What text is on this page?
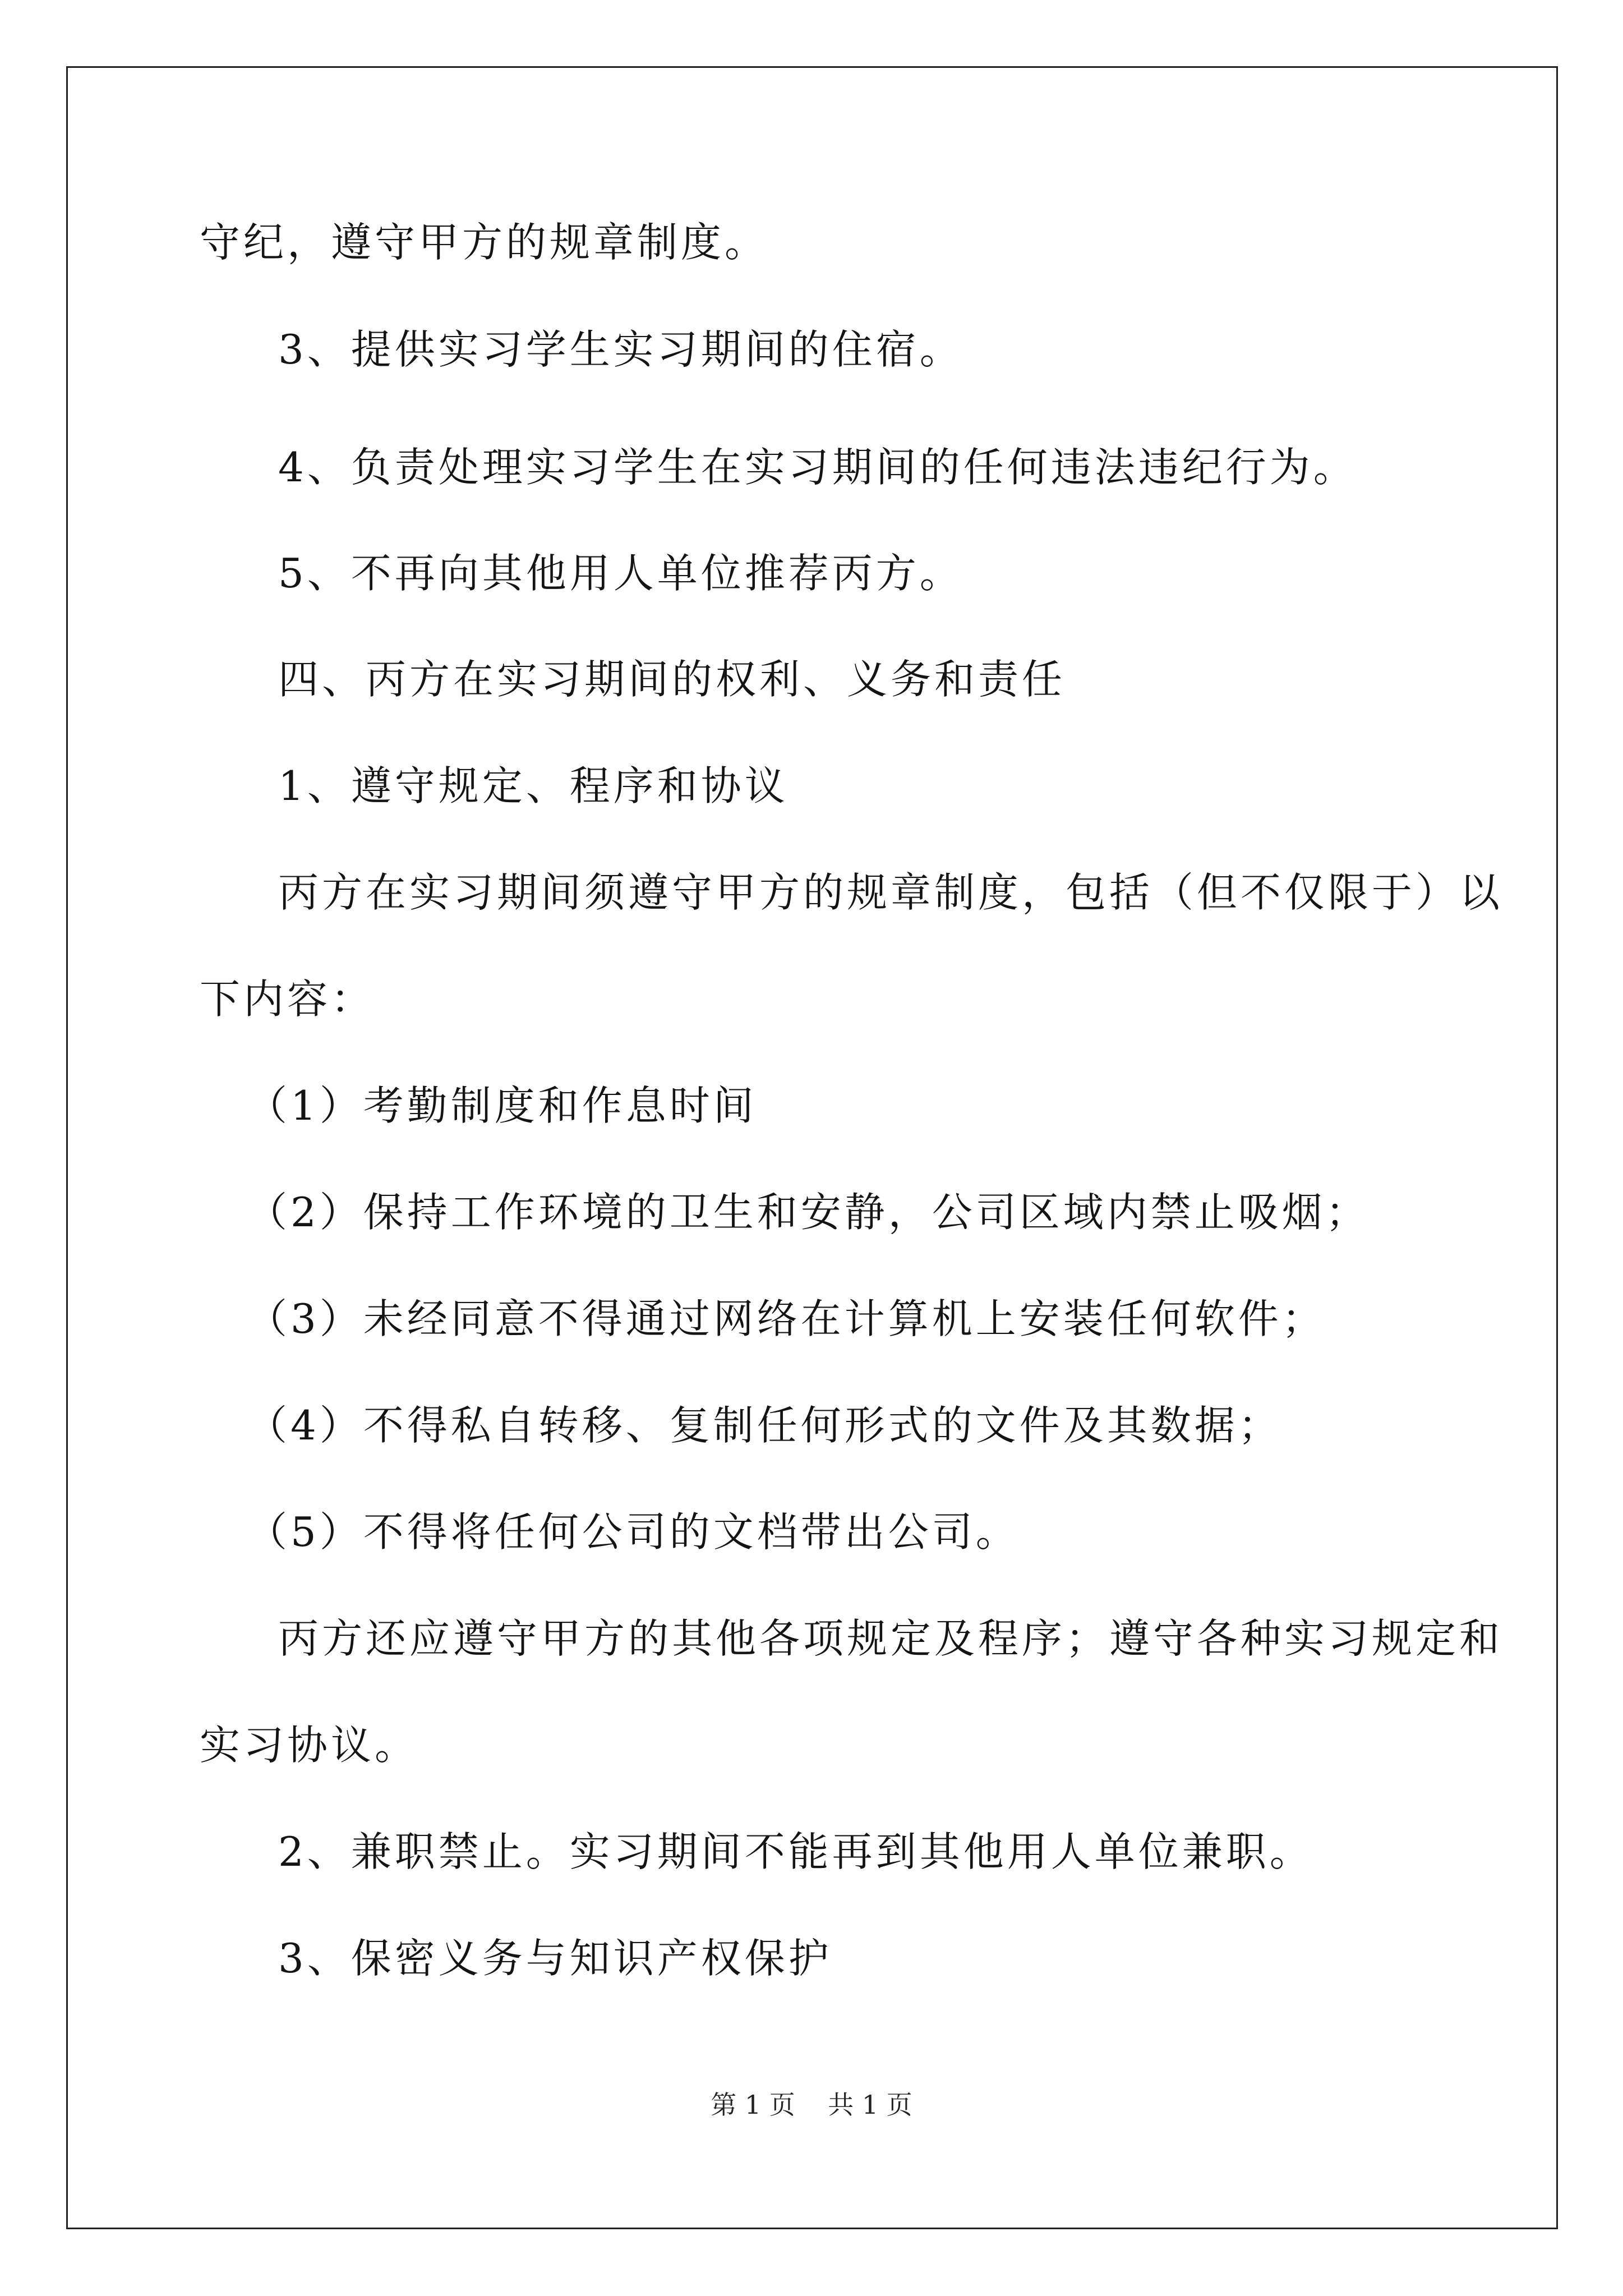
守纪，遵守甲方的规章制度。
3、提供实习学生实习期间的住宿。
4、负责处理实习学生在实习期间的任何违法违纪行为。
5、不再向其他用人单位推荐丙方。
四、丙方在实习期间的权利、义务和责任
1、遵守规定、程序和协议
丙方在实习期间须遵守甲方的规章制度，包括（但不仅限于）以
下内容：
（1）考勤制度和作息时间
（2）保持工作环境的卫生和安静，公司区域内禁止吸烟；
（3）未经同意不得通过网络在计算机上安装任何软件；
（4）不得私自转移、复制任何形式的文件及其数据；
（5）不得将任何公司的文档带出公司。
丙方还应遵守甲方的其他各项规定及程序；遵守各种实习规定和
实习协议。
2、兼职禁止。实习期间不能再到其他用人单位兼职。
3、保密义务与知识产权保护
第 1 页    共 1 页
